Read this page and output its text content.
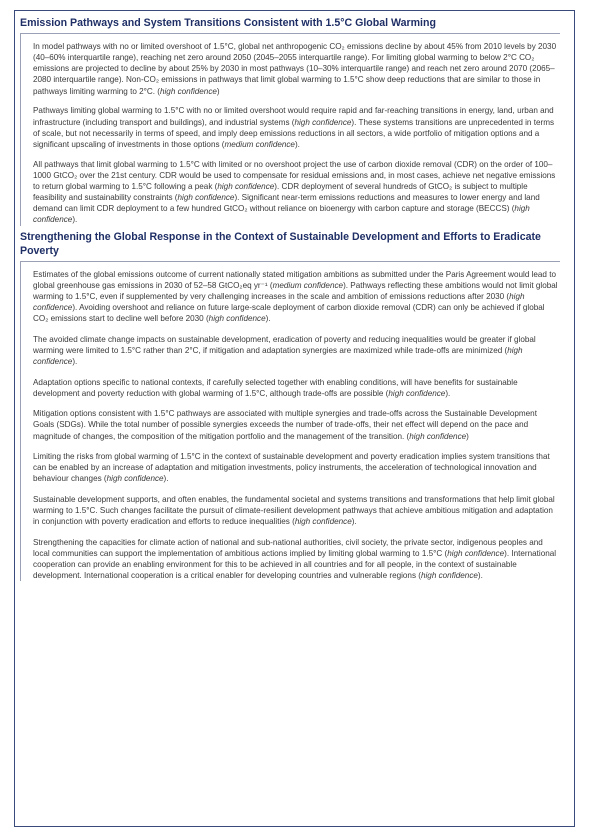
Emission Pathways and System Transitions Consistent with 1.5°C Global Warming

In model pathways with no or limited overshoot of 1.5°C, global net anthropogenic CO₂ emissions decline by about 45% from 2010 levels by 2030 (40–60% interquartile range), reaching net zero around 2050 (2045–2055 interquartile range). For limiting global warming to below 2°C CO₂ emissions are projected to decline by about 25% by 2030 in most pathways (10–30% interquartile range) and reach net zero around 2070 (2065–2080 interquartile range). Non-CO₂ emissions in pathways that limit global warming to 1.5°C show deep reductions that are similar to those in pathways limiting warming to 2°C. (high confidence)

Pathways limiting global warming to 1.5°C with no or limited overshoot would require rapid and far-reaching transitions in energy, land, urban and infrastructure (including transport and buildings), and industrial systems (high confidence). These systems transitions are unprecedented in terms of scale, but not necessarily in terms of speed, and imply deep emissions reductions in all sectors, a wide portfolio of mitigation options and a significant upscaling of investments in those options (medium confidence).

All pathways that limit global warming to 1.5°C with limited or no overshoot project the use of carbon dioxide removal (CDR) on the order of 100–1000 GtCO₂ over the 21st century. CDR would be used to compensate for residual emissions and, in most cases, achieve net negative emissions to return global warming to 1.5°C following a peak (high confidence). CDR deployment of several hundreds of GtCO₂ is subject to multiple feasibility and sustainability constraints (high confidence). Significant near-term emissions reductions and measures to lower energy and land demand can limit CDR deployment to a few hundred GtCO₂ without reliance on bioenergy with carbon capture and storage (BECCS) (high confidence).

Strengthening the Global Response in the Context of Sustainable Development and Efforts to Eradicate Poverty

Estimates of the global emissions outcome of current nationally stated mitigation ambitions as submitted under the Paris Agreement would lead to global greenhouse gas emissions in 2030 of 52–58 GtCO₂eq yr⁻¹ (medium confidence). Pathways reflecting these ambitions would not limit global warming to 1.5°C, even if supplemented by very challenging increases in the scale and ambition of emissions reductions after 2030 (high confidence). Avoiding overshoot and reliance on future large-scale deployment of carbon dioxide removal (CDR) can only be achieved if global CO₂ emissions start to decline well before 2030 (high confidence).

The avoided climate change impacts on sustainable development, eradication of poverty and reducing inequalities would be greater if global warming were limited to 1.5°C rather than 2°C, if mitigation and adaptation synergies are maximized while trade-offs are minimized (high confidence).

Adaptation options specific to national contexts, if carefully selected together with enabling conditions, will have benefits for sustainable development and poverty reduction with global warming of 1.5°C, although trade-offs are possible (high confidence).

Mitigation options consistent with 1.5°C pathways are associated with multiple synergies and trade-offs across the Sustainable Development Goals (SDGs). While the total number of possible synergies exceeds the number of trade-offs, their net effect will depend on the pace and magnitude of changes, the composition of the mitigation portfolio and the management of the transition. (high confidence)

Limiting the risks from global warming of 1.5°C in the context of sustainable development and poverty eradication implies system transitions that can be enabled by an increase of adaptation and mitigation investments, policy instruments, the acceleration of technological innovation and behaviour changes (high confidence).

Sustainable development supports, and often enables, the fundamental societal and systems transitions and transformations that help limit global warming to 1.5°C. Such changes facilitate the pursuit of climate-resilient development pathways that achieve ambitious mitigation and adaptation in conjunction with poverty eradication and efforts to reduce inequalities (high confidence).

Strengthening the capacities for climate action of national and sub-national authorities, civil society, the private sector, indigenous peoples and local communities can support the implementation of ambitious actions implied by limiting global warming to 1.5°C (high confidence). International cooperation can provide an enabling environment for this to be achieved in all countries and for all people, in the context of sustainable development. International cooperation is a critical enabler for developing countries and vulnerable regions (high confidence).
